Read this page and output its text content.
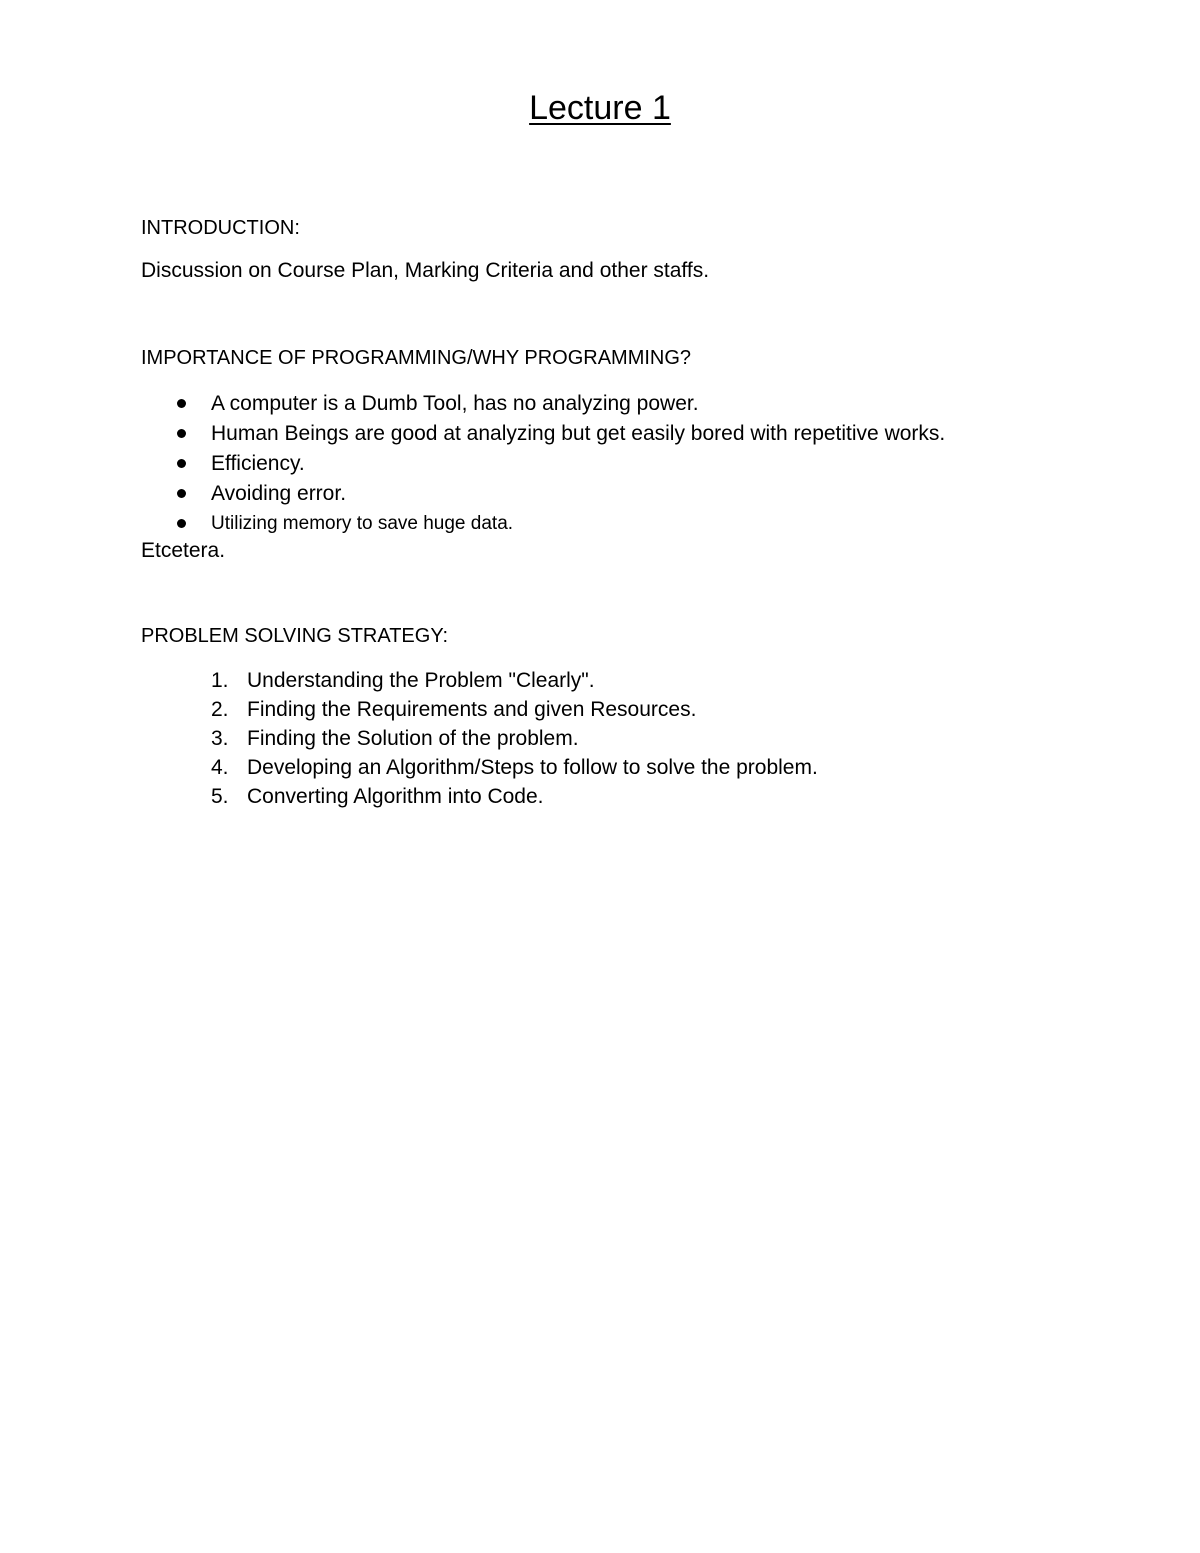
Lecture 1
INTRODUCTION:

Discussion on Course Plan, Marking Criteria and other staffs.

IMPORTANCE OF PROGRAMMING/WHY PROGRAMMING?
A computer is a Dumb Tool, has no analyzing power.
Human Beings are good at analyzing but get easily bored with repetitive works.
Efficiency.
Avoiding error.
Utilizing memory to save huge data.

Etcetera.

PROBLEM SOLVING STRATEGY:
1. Understanding the Problem "Clearly".
2. Finding the Requirements and given Resources.
3. Finding the Solution of the problem.
4. Developing an Algorithm/Steps to follow to solve the problem.
5. Converting Algorithm into Code.
